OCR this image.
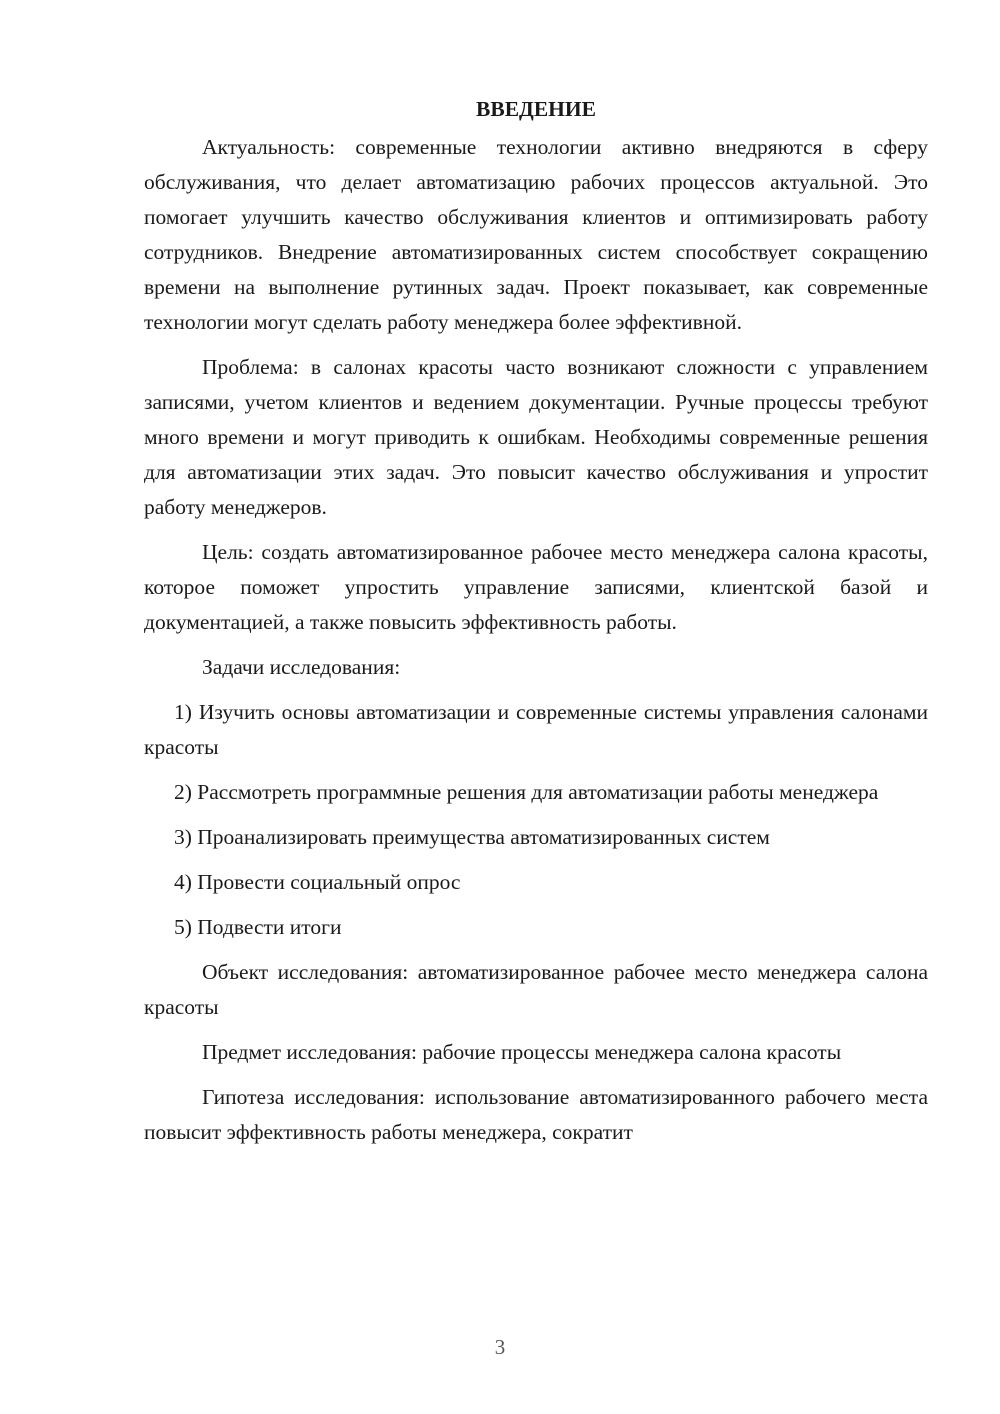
ВВЕДЕНИЕ

Актуальность: современные технологии активно внедряются в сферу обслуживания, что делает автоматизацию рабочих процессов актуальной. Это помогает улучшить качество обслуживания клиентов и оптимизировать работу сотрудников. Внедрение автоматизированных систем способствует сокращению времени на выполнение рутинных задач. Проект показывает, как современные технологии могут сделать работу менеджера более эффективной.

Проблема: в салонах красоты часто возникают сложности с управлением записями, учетом клиентов и ведением документации. Ручные процессы требуют много времени и могут приводить к ошибкам. Необходимы современные решения для автоматизации этих задач. Это повысит качество обслуживания и упростит работу менеджеров.

Цель: создать автоматизированное рабочее место менеджера салона красоты, которое поможет упростить управление записями, клиентской базой и документацией, а также повысить эффективность работы.

Задачи исследования:

1) Изучить основы автоматизации и современные системы управления салонами красоты

2) Рассмотреть программные решения для автоматизации работы менеджера

3) Проанализировать преимущества автоматизированных систем

4) Провести социальный опрос

5) Подвести итоги

Объект исследования: автоматизированное рабочее место менеджера салона красоты

Предмет исследования: рабочие процессы менеджера салона красоты

Гипотеза исследования: использование автоматизированного рабочего места повысит эффективность работы менеджера, сократит

3
